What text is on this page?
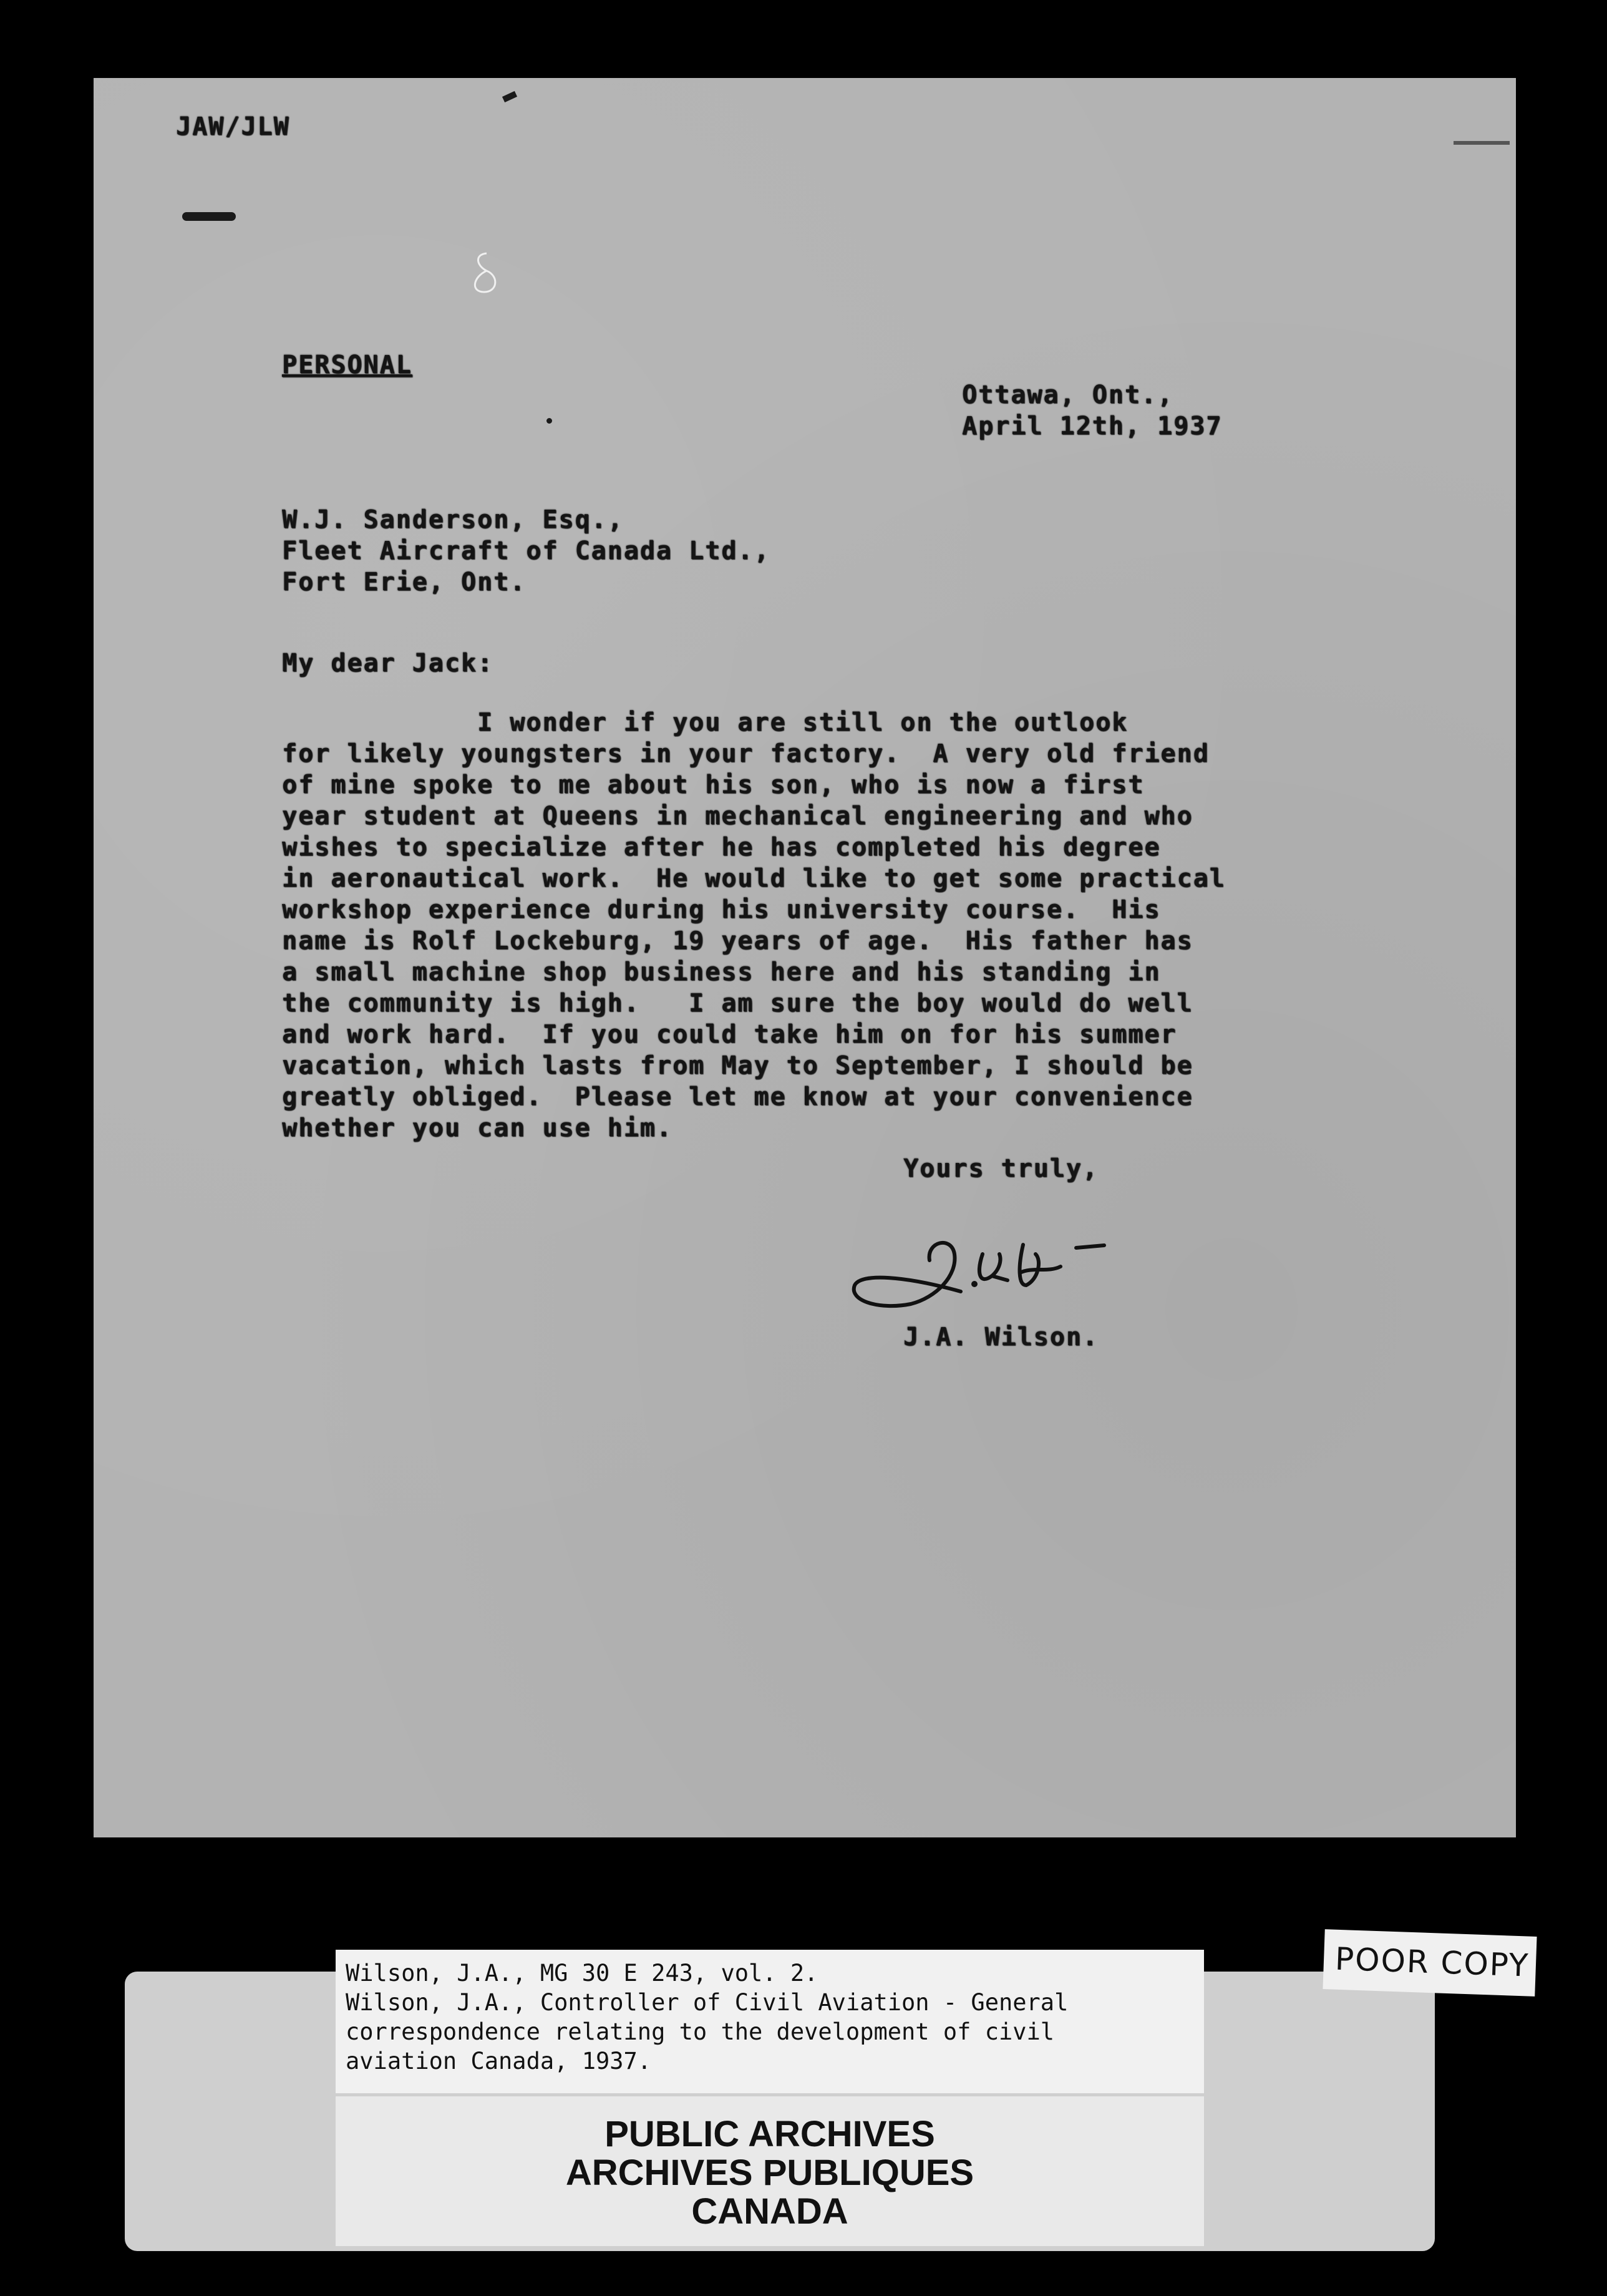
JAW/JLW
PERSONAL
Ottawa, Ont.,
April 12th, 1937
W.J. Sanderson, Esq.,
Fleet Aircraft of Canada Ltd.,
Fort Erie, Ont.
My dear Jack:
I wonder if you are still on the outlook
for likely youngsters in your factory.  A very old friend
of mine spoke to me about his son, who is now a first
year student at Queens in mechanical engineering and who
wishes to specialize after he has completed his degree
in aeronautical work.  He would like to get some practical
workshop experience during his university course.  His
name is Rolf Lockeburg, 19 years of age.  His father has
a small machine shop business here and his standing in
the community is high.   I am sure the boy would do well
and work hard.  If you could take him on for his summer
vacation, which lasts from May to September, I should be
greatly obliged.  Please let me know at your convenience
whether you can use him.
Yours truly,
J.A. Wilson.
Wilson, J.A., MG 30 E 243, vol. 2.
Wilson, J.A., Controller of Civil Aviation - General
correspondence relating to the development of civil
aviation Canada, 1937.
PUBLIC ARCHIVES
ARCHIVES PUBLIQUES
CANADA
POOR COPY
